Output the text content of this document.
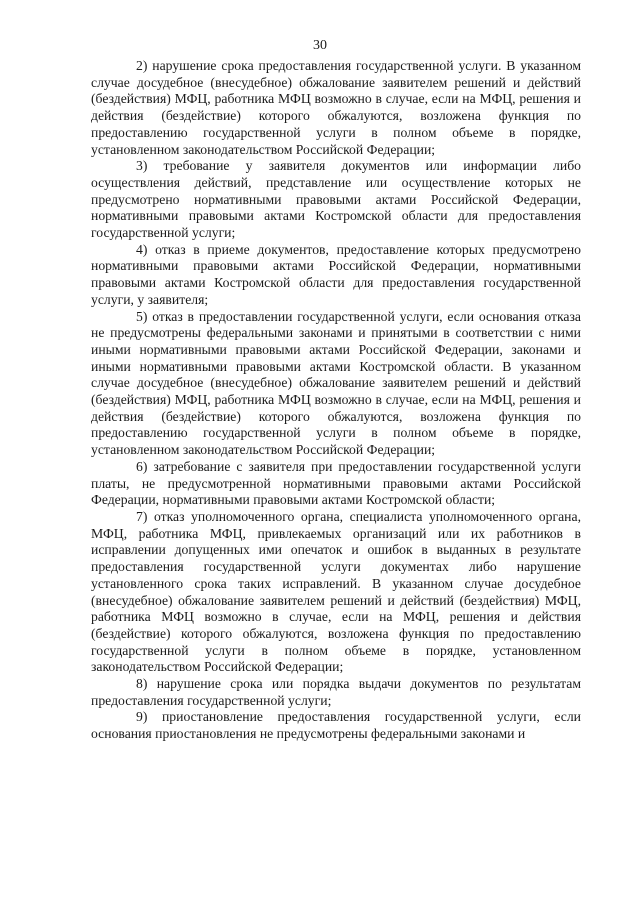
30

2) нарушение срока предоставления государственной услуги. В указанном случае досудебное (внесудебное) обжалование заявителем решений и действий (бездействия) МФЦ, работника МФЦ возможно в случае, если на МФЦ, решения и действия (бездействие) которого обжалуются, возложена функция по предоставлению государственной услуги в полном объеме в порядке, установленном законодательством Российской Федерации;

3) требование у заявителя документов или информации либо осуществления действий, представление или осуществление которых не предусмотрено нормативными правовыми актами Российской Федерации, нормативными правовыми актами Костромской области для предоставления государственной услуги;

4) отказ в приеме документов, предоставление которых предусмотрено нормативными правовыми актами Российской Федерации, нормативными правовыми актами Костромской области для предоставления государственной услуги, у заявителя;

5) отказ в предоставлении государственной услуги, если основания отказа не предусмотрены федеральными законами и принятыми в соответствии с ними иными нормативными правовыми актами Российской Федерации, законами и иными нормативными правовыми актами Костромской области. В указанном случае досудебное (внесудебное) обжалование заявителем решений и действий (бездействия) МФЦ, работника МФЦ возможно в случае, если на МФЦ, решения и действия (бездействие) которого обжалуются, возложена функция по предоставлению государственной услуги в полном объеме в порядке, установленном законодательством Российской Федерации;

6) затребование с заявителя при предоставлении государственной услуги платы, не предусмотренной нормативными правовыми актами Российской Федерации, нормативными правовыми актами Костромской области;

7) отказ уполномоченного органа, специалиста уполномоченного органа, МФЦ, работника МФЦ, привлекаемых организаций или их работников в исправлении допущенных ими опечаток и ошибок в выданных в результате предоставления государственной услуги документах либо нарушение установленного срока таких исправлений. В указанном случае досудебное (внесудебное) обжалование заявителем решений и действий (бездействия) МФЦ, работника МФЦ возможно в случае, если на МФЦ, решения и действия (бездействие) которого обжалуются, возложена функция по предоставлению государственной услуги в полном объеме в порядке, установленном законодательством Российской Федерации;

8) нарушение срока или порядка выдачи документов по результатам предоставления государственной услуги;

9) приостановление предоставления государственной услуги, если основания приостановления не предусмотрены федеральными законами и
